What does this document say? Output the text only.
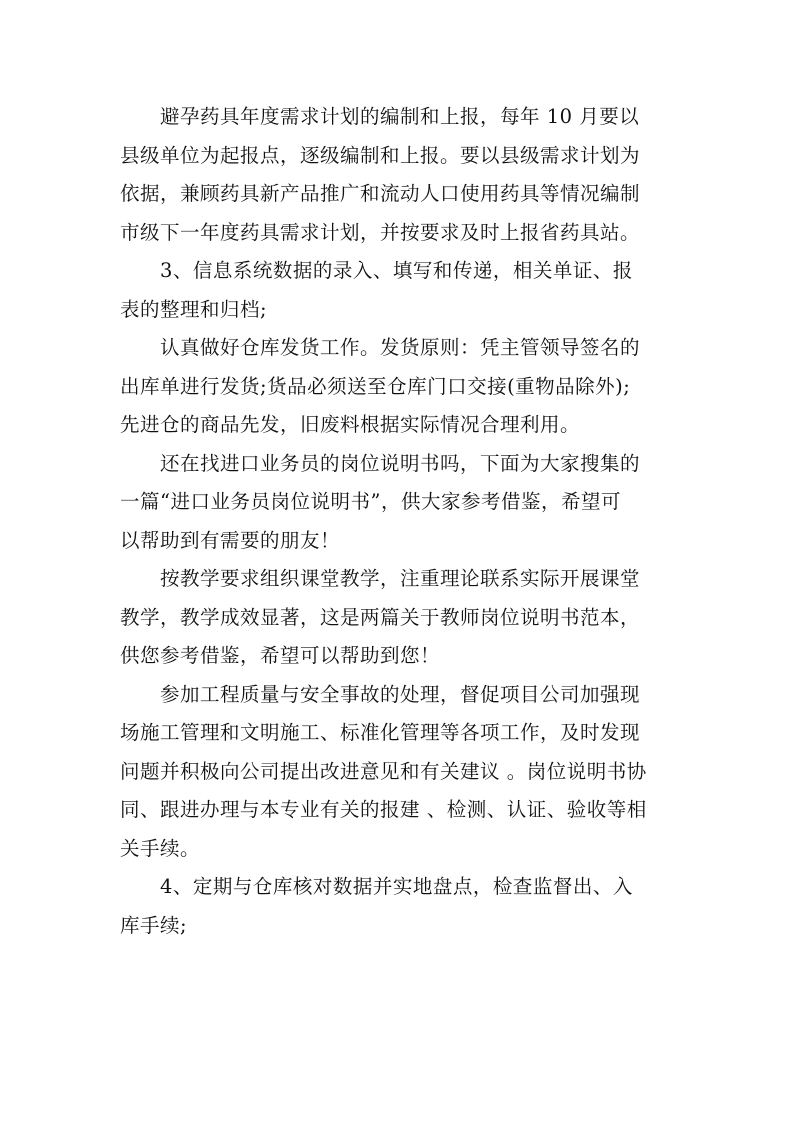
避孕药具年度需求计划的编制和上报，每年 10 月要以
县级单位为起报点，逐级编制和上报。要以县级需求计划为
依据，兼顾药具新产品推广和流动人口使用药具等情况编制
市级下一年度药具需求计划，并按要求及时上报省药具站。
3、信息系统数据的录入、填写和传递，相关单证、报
表的整理和归档;
认真做好仓库发货工作。发货原则：凭主管领导签名的
出库单进行发货;货品必须送至仓库门口交接(重物品除外);
先进仓的商品先发，旧废料根据实际情况合理利用。
还在找进口业务员的岗位说明书吗，下面为大家搜集的
一篇“进口业务员岗位说明书”，供大家参考借鉴，希望可
以帮助到有需要的朋友！
按教学要求组织课堂教学，注重理论联系实际开展课堂
教学，教学成效显著，这是两篇关于教师岗位说明书范本，
供您参考借鉴，希望可以帮助到您！
参加工程质量与安全事故的处理，督促项目公司加强现
场施工管理和文明施工、标准化管理等各项工作，及时发现
问题并积极向公司提出改进意见和有关建议 。岗位说明书协
同、跟进办理与本专业有关的报建 、检测、认证、验收等相
关手续。
4、定期与仓库核对数据并实地盘点，检查监督出、入
库手续;
